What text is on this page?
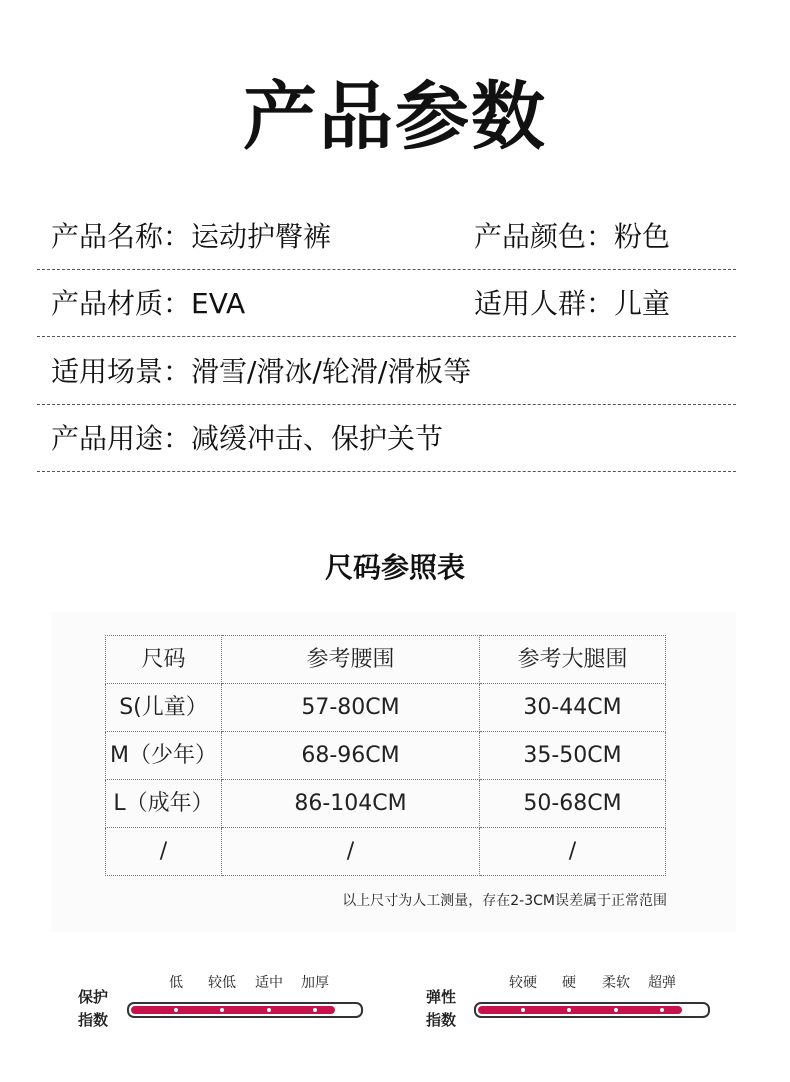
产品参数
产品名称：运动护臀裤	产品颜色：粉色
产品材质：EVA	适用人群：儿童
适用场景：滑雪/滑冰/轮滑/滑板等
产品用途：减缓冲击、保护关节
尺码参照表
尺码	参考腰围	参考大腿围
S(儿童）	57-80CM	30-44CM
M（少年）	68-96CM	35-50CM
L（成年）	86-104CM	50-68CM
/	/	/
以上尺寸为人工测量，存在2-3CM误差属于正常范围
保护
指数
低 较低 适中 加厚
弹性
指数
较硬 硬 柔软 超弹
